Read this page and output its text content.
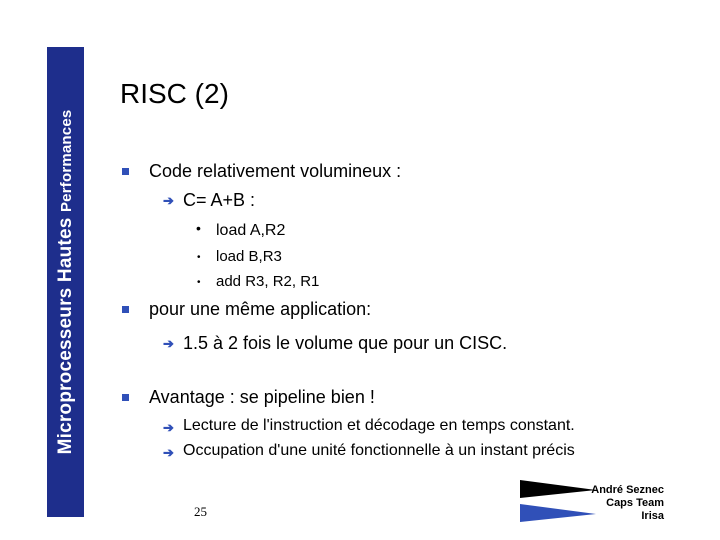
Microprocesseurs Hautes Performances
RISC (2)
Code relativement volumineux :
➔ C= A+B :
• load A,R2
• load B,R3
• add R3, R2, R1
pour une même application:
➔ 1.5 à 2 fois le volume que pour un CISC.
Avantage : se pipeline bien !
➔ Lecture de l'instruction et décodage en temps constant.
➔ Occupation d'une unité fonctionnelle à un instant précis
25
André Seznec
Caps Team
Irisa
